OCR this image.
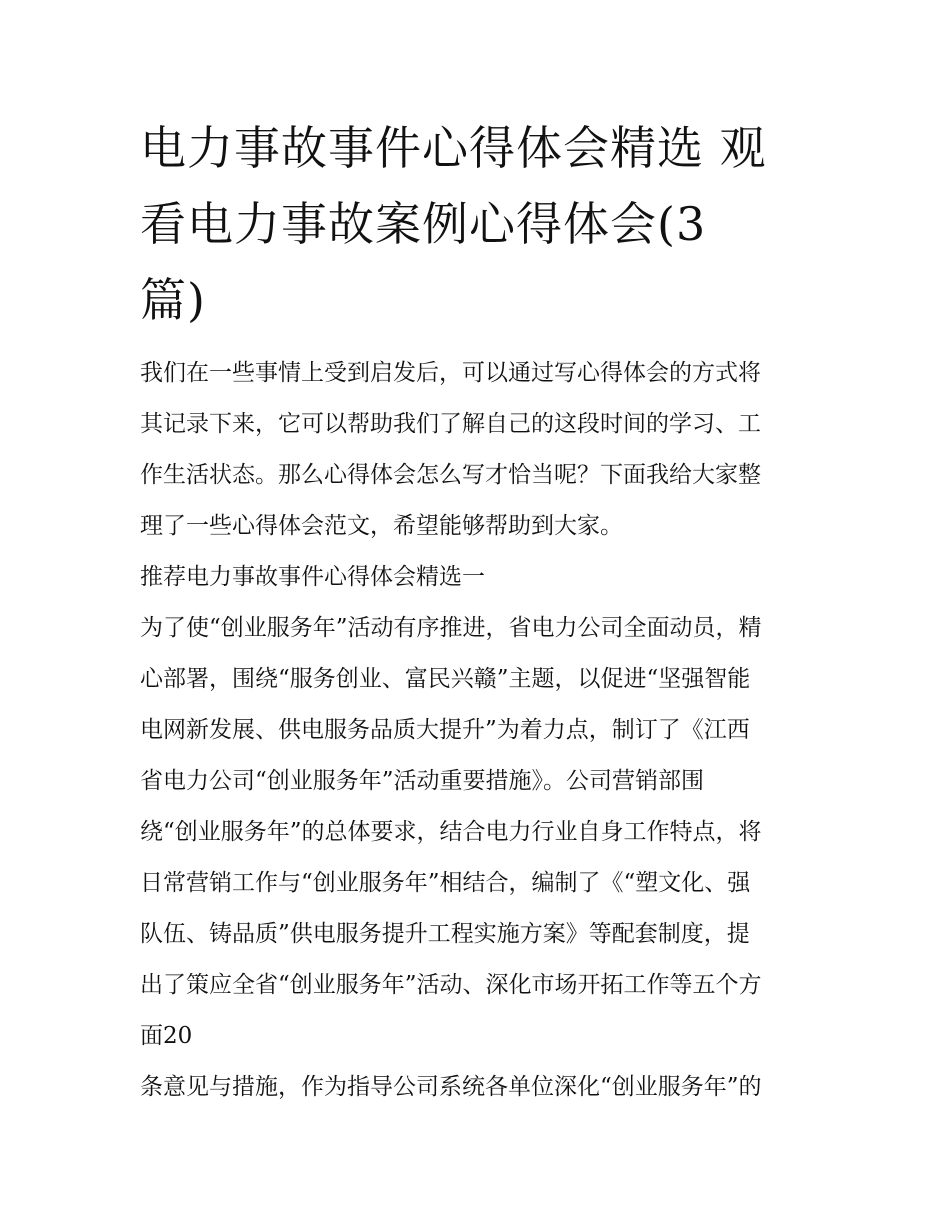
电力事故事件心得体会精选 观
看电力事故案例心得体会(3
篇)
我们在一些事情上受到启发后，可以通过写心得体会的方式将
其记录下来，它可以帮助我们了解自己的这段时间的学习、工
作生活状态。那么心得体会怎么写才恰当呢？下面我给大家整
理了一些心得体会范文，希望能够帮助到大家。
推荐电力事故事件心得体会精选一
为了使“创业服务年”活动有序推进，省电力公司全面动员，精
心部署，围绕“服务创业、富民兴赣”主题，以促进“坚强智能
电网新发展、供电服务品质大提升”为着力点，制订了《江西
省电力公司“创业服务年”活动重要措施》。公司营销部围
绕“创业服务年”的总体要求，结合电力行业自身工作特点，将
日常营销工作与“创业服务年”相结合，编制了《“塑文化、强
队伍、铸品质”供电服务提升工程实施方案》等配套制度，提
出了策应全省“创业服务年”活动、深化市场开拓工作等五个方
面20
条意见与措施，作为指导公司系统各单位深化“创业服务年”的
